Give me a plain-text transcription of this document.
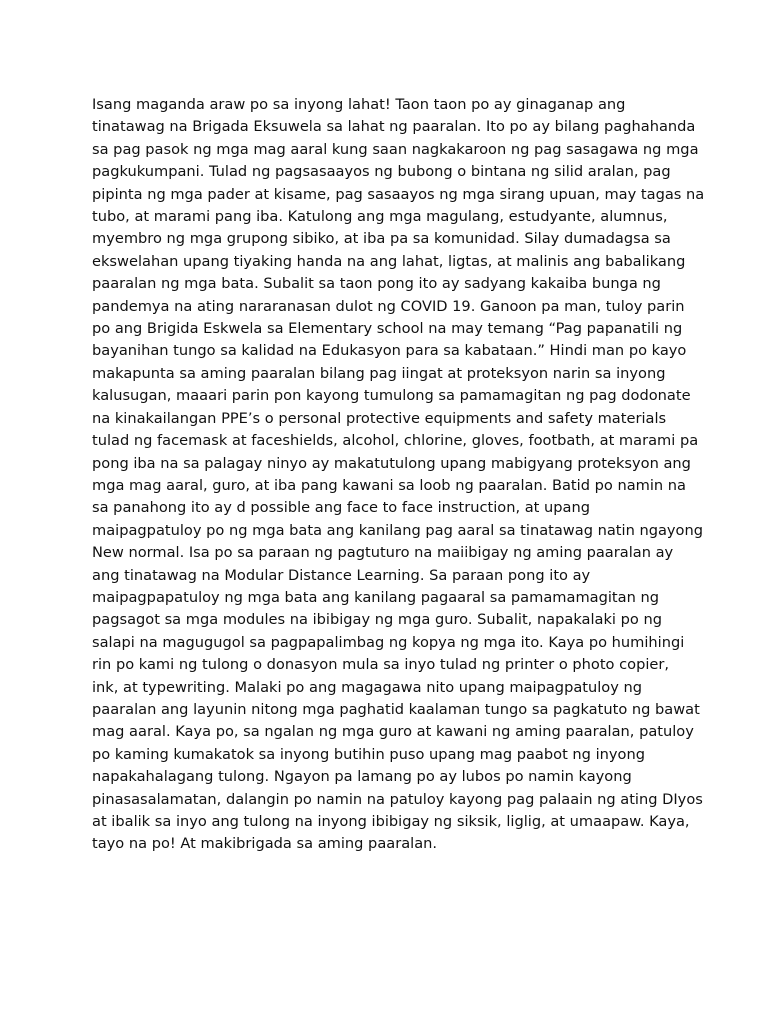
Isang maganda araw po sa inyong lahat! Taon taon po ay ginaganap ang
tinatawag na Brigada Eksuwela sa lahat ng paaralan. Ito po ay bilang paghahanda
sa pag pasok ng mga mag aaral kung saan nagkakaroon ng pag sasagawa ng mga
pagkukumpani. Tulad ng pagsasaayos ng bubong o bintana ng silid aralan, pag
pipinta ng mga pader at kisame, pag sasaayos ng mga sirang upuan, may tagas na
tubo, at marami pang iba. Katulong ang mga magulang, estudyante, alumnus,
myembro ng mga grupong sibiko, at iba pa sa komunidad. Silay dumadagsa sa
ekswelahan upang tiyaking handa na ang lahat, ligtas, at malinis ang babalikang
paaralan ng mga bata. Subalit sa taon pong ito ay sadyang kakaiba bunga ng
pandemya na ating nararanasan dulot ng COVID 19. Ganoon pa man, tuloy parin
po ang Brigida Eskwela sa Elementary school na may temang “Pag papanatili ng
bayanihan tungo sa kalidad na Edukasyon para sa kabataan.” Hindi man po kayo
makapunta sa aming paaralan bilang pag iingat at proteksyon narin sa inyong
kalusugan, maaari parin pon kayong tumulong sa pamamagitan ng pag dodonate
na kinakailangan PPE’s o personal protective equipments and safety materials
tulad ng facemask at faceshields, alcohol, chlorine, gloves, footbath, at marami pa
pong iba na sa palagay ninyo ay makatutulong upang mabigyang proteksyon ang
mga mag aaral, guro, at iba pang kawani sa loob ng paaralan. Batid po namin na
sa panahong ito ay d possible ang face to face instruction, at upang
maipagpatuloy po ng mga bata ang kanilang pag aaral sa tinatawag natin ngayong
New normal. Isa po sa paraan ng pagtuturo na maiibigay ng aming paaralan ay
ang tinatawag na Modular Distance Learning. Sa paraan pong ito ay
maipagpapatuloy ng mga bata ang kanilang pagaaral sa pamamamagitan ng
pagsagot sa mga modules na ibibigay ng mga guro. Subalit, napakalaki po ng
salapi na magugugol sa pagpapalimbag ng kopya ng mga ito. Kaya po humihingi
rin po kami ng tulong o donasyon mula sa inyo tulad ng printer o photo copier,
ink, at typewriting. Malaki po ang magagawa nito upang maipagpatuloy ng
paaralan ang layunin nitong mga paghatid kaalaman tungo sa pagkatuto ng bawat
mag aaral. Kaya po, sa ngalan ng mga guro at kawani ng aming paaralan, patuloy
po kaming kumakatok sa inyong butihin puso upang mag paabot ng inyong
napakahalagang tulong. Ngayon pa lamang po ay lubos po namin kayong
pinasasalamatan, dalangin po namin na patuloy kayong pag palaain ng ating DIyos
at ibalik sa inyo ang tulong na inyong ibibigay ng siksik, liglig, at umaapaw. Kaya,
tayo na po! At makibrigada sa aming paaralan.
